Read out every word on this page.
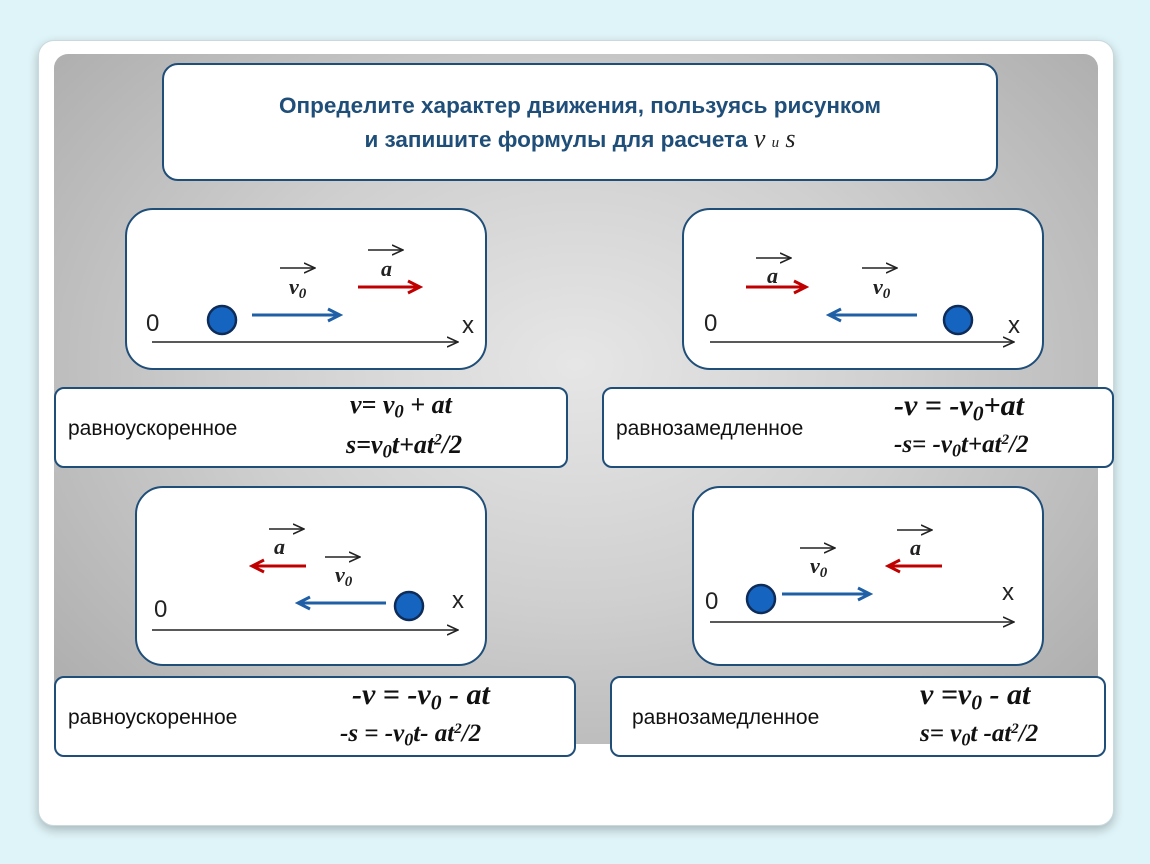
Определите характер движения, пользуясь рисунком
и запишите формулы для расчета v и s
0	x
v0
a
0	x
a	v0
0	x
a
v0
0	x
a
v0
равноускоренное
$v= v_0$ + at
$s=v_0t+at^2/2$
равнозамедленное
$-v = -v_0+at$
$-s= -v_0t+at^2/2$
равноускоренное
$-v = -v_0$ - at
$-s = -v_0t-$ $at^2/2$
равнозамедленное
$v =v_0$ - at
$s= v_0t$ $-at^2/2$
